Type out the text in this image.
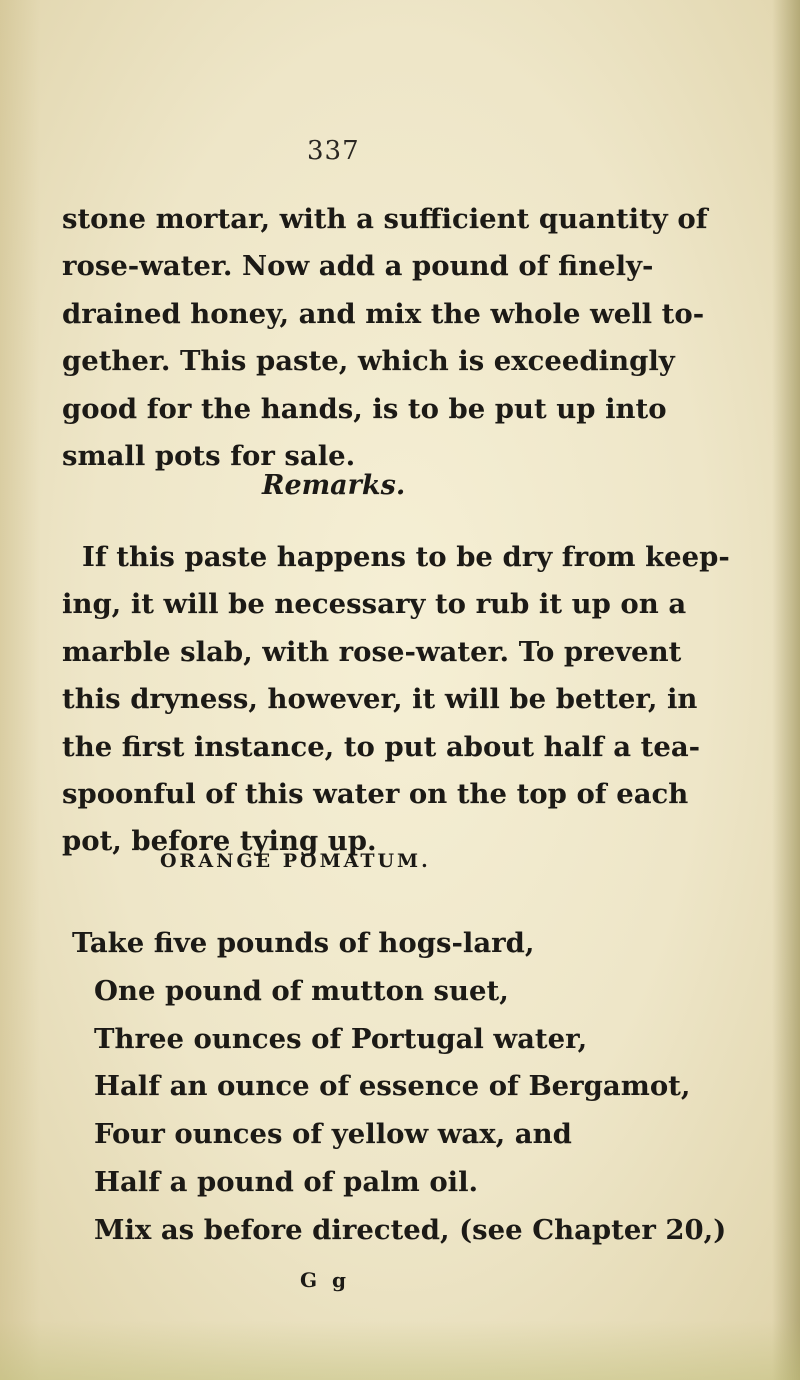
337
stone mortar, with a sufficient quantity of
rose-water. Now add a pound of finely-
drained honey, and mix the whole well to-
gether. This paste, which is exceedingly
good for the hands, is to be put up into
small pots for sale.
Remarks.
If this paste happens to be dry from keep-
ing, it will be necessary to rub it up on a
marble slab, with rose-water. To prevent
this dryness, however, it will be better, in
the first instance, to put about half a tea-
spoonful of this water on the top of each
pot, before tying up.
ORANGE POMATUM.
Take five pounds of hogs-lard,
One pound of mutton suet,
Three ounces of Portugal water,
Half an ounce of essence of Bergamot,
Four ounces of yellow wax, and
Half a pound of palm oil.
Mix as before directed, (see Chapter 20,)
G g
